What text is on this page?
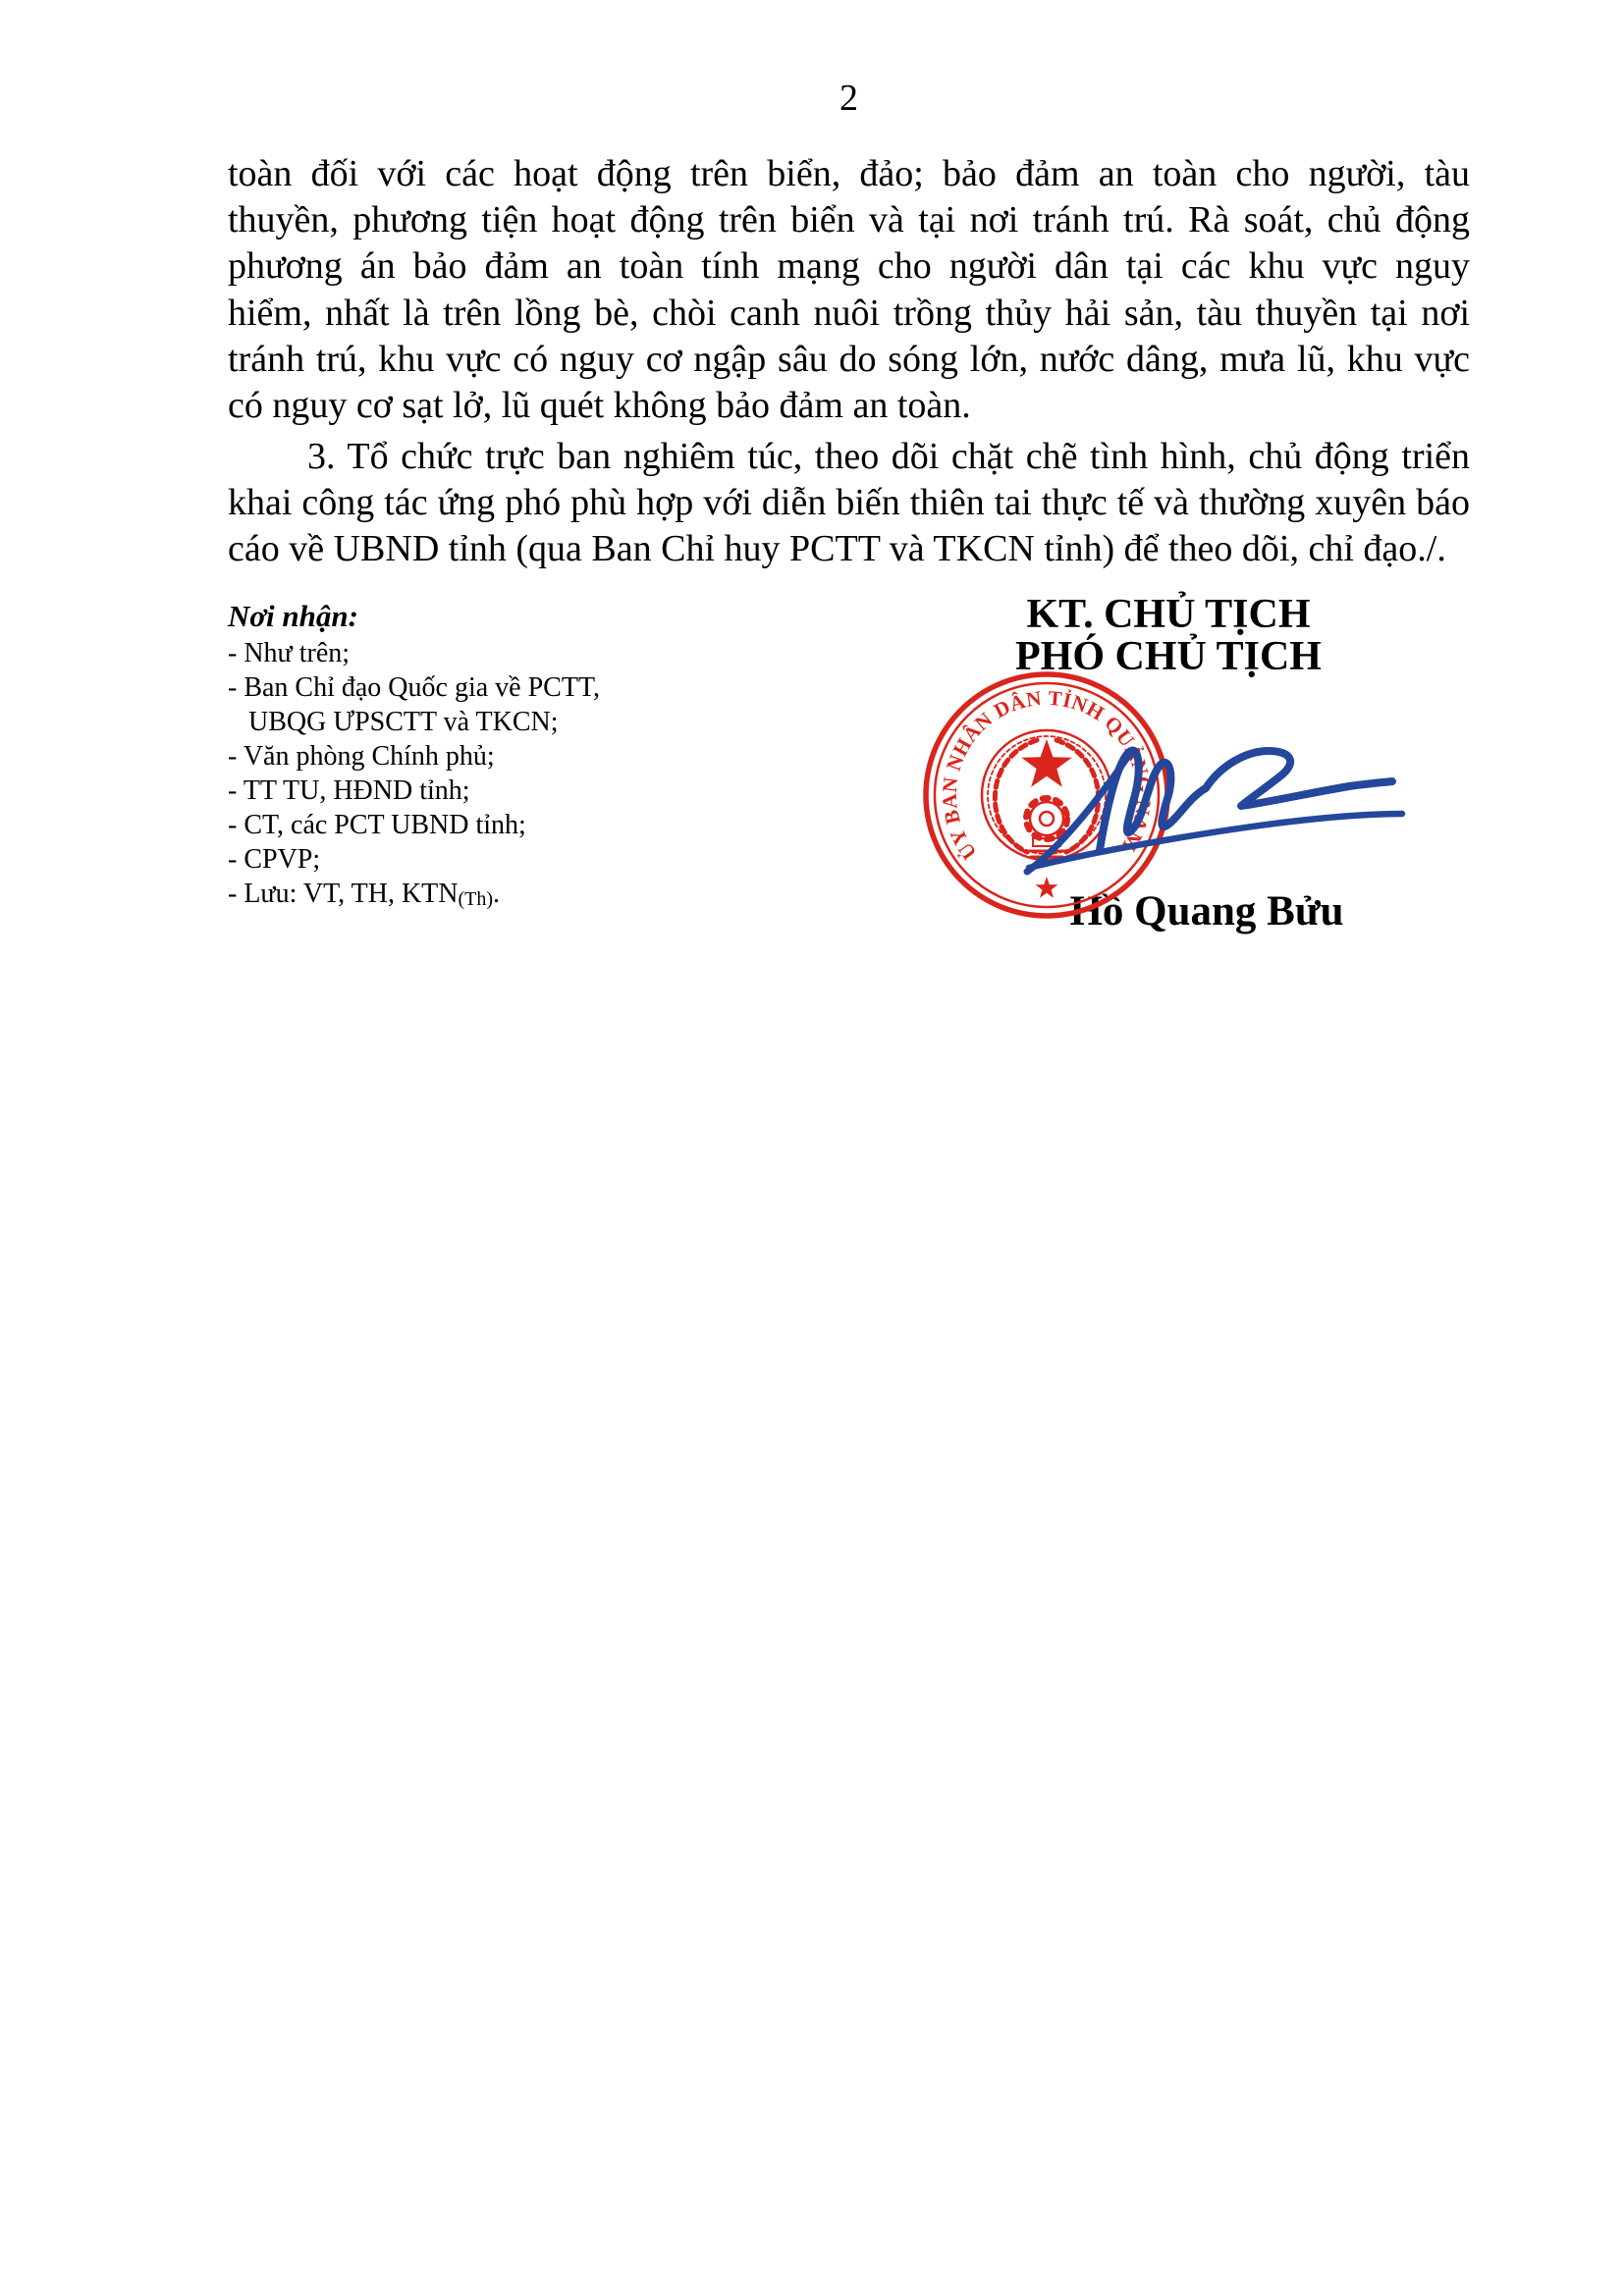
2
toàn đối với các hoạt động trên biển, đảo; bảo đảm an toàn cho người, tàu
thuyền, phương tiện hoạt động trên biển và tại nơi tránh trú. Rà soát, chủ động
phương án bảo đảm an toàn tính mạng cho người dân tại các khu vực nguy
hiểm, nhất là trên lồng bè, chòi canh nuôi trồng thủy hải sản, tàu thuyền tại nơi
tránh trú, khu vực có nguy cơ ngập sâu do sóng lớn, nước dâng, mưa lũ, khu vực
có nguy cơ sạt lở, lũ quét không bảo đảm an toàn.
3. Tổ chức trực ban nghiêm túc, theo dõi chặt chẽ tình hình, chủ động triển
khai công tác ứng phó phù hợp với diễn biến thiên tai thực tế và thường xuyên báo
cáo về UBND tỉnh (qua Ban Chỉ huy PCTT và TKCN tỉnh) để theo dõi, chỉ đạo./.
Nơi nhận:
- Như trên;
- Ban Chỉ đạo Quốc gia về PCTT,
UBQG ƯPSCTT và TKCN;
- Văn phòng Chính phủ;
- TT TU, HĐND tỉnh;
- CT, các PCT UBND tỉnh;
- CPVP;
- Lưu: VT, TH, KTN(Th).
KT. CHỦ TỊCH
PHÓ CHỦ TỊCH
Hồ Quang Bửu
ỦY BAN NHÂN DÂN TỈNH QUẢNG NAM
